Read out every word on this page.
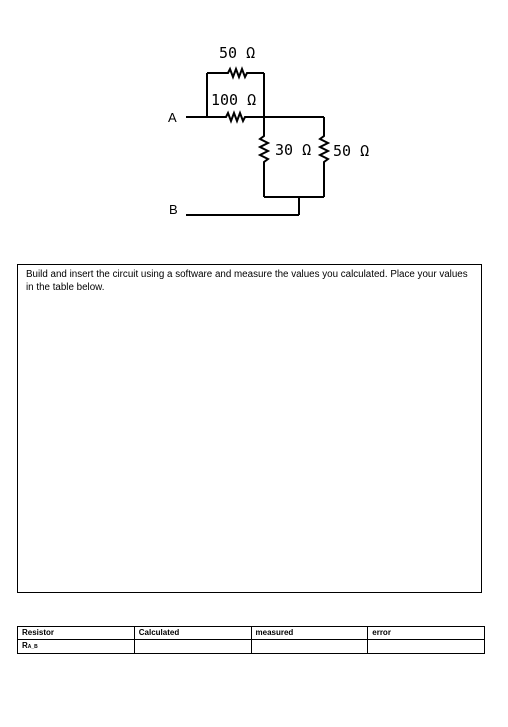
50 Ω
100 Ω
30 Ω 50 Ω
A
B
Build and insert the circuit using a software and measure the values you calculated. Place your values in the table below.
Resistor	Calculated	measured	error
RA_B			
